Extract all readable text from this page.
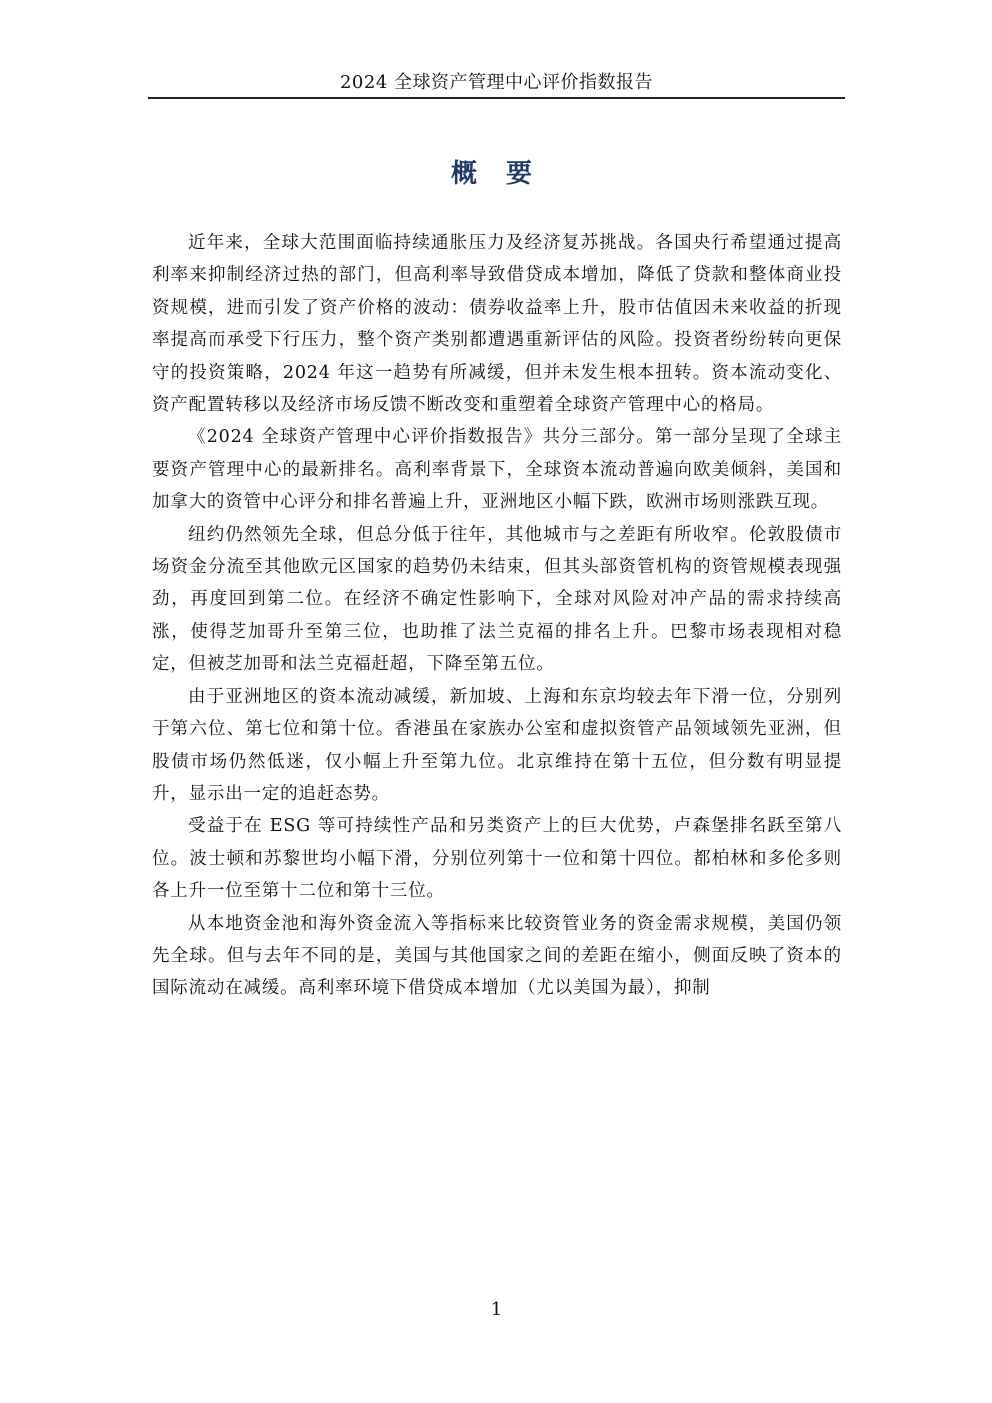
2024 全球资产管理中心评价指数报告
概 要

近年来，全球大范围面临持续通胀压力及经济复苏挑战。各国央行希望通过提高利率来抑制经济过热的部门，但高利率导致借贷成本增加，降低了贷款和整体商业投资规模，进而引发了资产价格的波动：债券收益率上升，股市估值因未来收益的折现率提高而承受下行压力，整个资产类别都遭遇重新评估的风险。投资者纷纷转向更保守的投资策略，2024 年这一趋势有所减缓，但并未发生根本扭转。资本流动变化、资产配置转移以及经济市场反馈不断改变和重塑着全球资产管理中心的格局。

《2024 全球资产管理中心评价指数报告》共分三部分。第一部分呈现了全球主要资产管理中心的最新排名。高利率背景下，全球资本流动普遍向欧美倾斜，美国和加拿大的资管中心评分和排名普遍上升，亚洲地区小幅下跌，欧洲市场则涨跌互现。

纽约仍然领先全球，但总分低于往年，其他城市与之差距有所收窄。伦敦股债市场资金分流至其他欧元区国家的趋势仍未结束，但其头部资管机构的资管规模表现强劲，再度回到第二位。在经济不确定性影响下，全球对风险对冲产品的需求持续高涨，使得芝加哥升至第三位，也助推了法兰克福的排名上升。巴黎市场表现相对稳定，但被芝加哥和法兰克福赶超，下降至第五位。

由于亚洲地区的资本流动减缓，新加坡、上海和东京均较去年下滑一位，分别列于第六位、第七位和第十位。香港虽在家族办公室和虚拟资管产品领域领先亚洲，但股债市场仍然低迷，仅小幅上升至第九位。北京维持在第十五位，但分数有明显提升，显示出一定的追赶态势。

受益于在 ESG 等可持续性产品和另类资产上的巨大优势，卢森堡排名跃至第八位。波士顿和苏黎世均小幅下滑，分别位列第十一位和第十四位。都柏林和多伦多则各上升一位至第十二位和第十三位。

从本地资金池和海外资金流入等指标来比较资管业务的资金需求规模，美国仍领先全球。但与去年不同的是，美国与其他国家之间的差距在缩小，侧面反映了资本的国际流动在减缓。高利率环境下借贷成本增加（尤以美国为最），抑制

1
